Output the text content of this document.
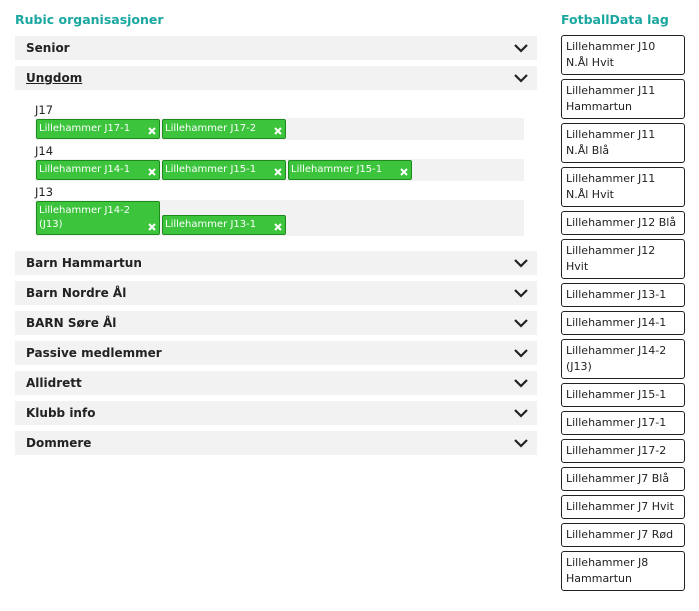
Rubic organisasjoner
Senior
Ungdom
J17
Lillehammer J17-1	Lillehammer J17-2
J14
Lillehammer J14-1	Lillehammer J15-1	Lillehammer J15-1
J13
Lillehammer J14-2 (J13)	Lillehammer J13-1
Barn Hammartun
Barn Nordre Ål
BARN Søre Ål
Passive medlemmer
Allidrett
Klubb info
Dommere
FotballData lag
Lillehammer J10 N.Ål Hvit
Lillehammer J11 Hammartun
Lillehammer J11 N.Ål Blå
Lillehammer J11 N.Ål Hvit
Lillehammer J12 Blå
Lillehammer J12 Hvit
Lillehammer J13-1
Lillehammer J14-1
Lillehammer J14-2 (J13)
Lillehammer J15-1
Lillehammer J17-1
Lillehammer J17-2
Lillehammer J7 Blå
Lillehammer J7 Hvit
Lillehammer J7 Rød
Lillehammer J8 Hammartun
